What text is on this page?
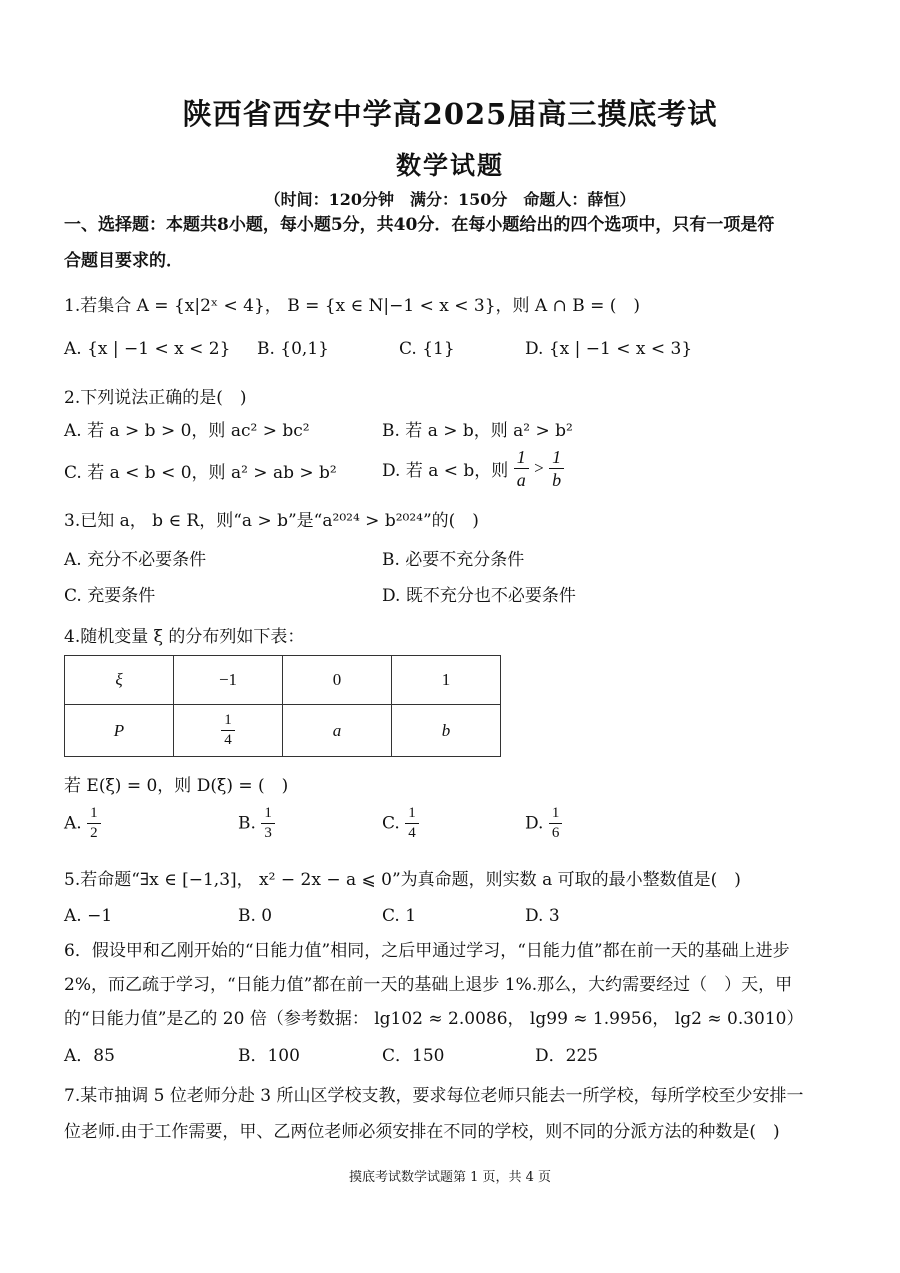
陕西省西安中学高2025届高三摸底考试
数学试题
（时间：120分钟　满分：150分　命题人：薛恒）
一、选择题：本题共8小题，每小题5分，共40分．在每小题给出的四个选项中，只有一项是符
合题目要求的．
1.若集合 A = {x|2ˣ < 4}， B = {x ∈ N|−1 < x < 3}，则 A ∩ B = (　)
A. {x | −1 < x < 2} B. {0,1}	C. {1}	D. {x | −1 < x < 3}
2.下列说法正确的是(　)
A. 若 a > b > 0，则 ac² > bc²	B. 若 a > b，则 a² > b²
C. 若 a < b < 0，则 a² > ab > b²	D. 若 a < b，则 $\frac{1}{a} > \frac{1}{b}$
3.已知 a， b ∈ R，则“a > b”是“a²⁰²⁴ > b²⁰²⁴”的(　)
A. 充分不必要条件	B. 必要不充分条件
C. 充要条件	D. 既不充分也不必要条件
4.随机变量 ξ 的分布列如下表：
ξ	−1	0	1
P	$\frac{1}{4}$	a	b
若 E(ξ) = 0，则 D(ξ) = (　)
A. $\frac{1}{2}$	B. $\frac{1}{3}$	C. $\frac{1}{4}$	D. $\frac{1}{6}$
5.若命题“∃x ∈ [−1,3]， x² − 2x − a ⩽ 0”为真命题，则实数 a 可取的最小整数值是(　)
A. −1	B. 0	C. 1	D. 3
6．假设甲和乙刚开始的“日能力值”相同，之后甲通过学习，“日能力值”都在前一天的基础上进步
2%，而乙疏于学习，“日能力值”都在前一天的基础上退步 1%.那么，大约需要经过（　）天，甲
的“日能力值”是乙的 20 倍（参考数据： lg102 ≈ 2.0086， lg99 ≈ 1.9956， lg2 ≈ 0.3010）
A．85	B．100	C．150	D．225
7.某市抽调 5 位老师分赴 3 所山区学校支教，要求每位老师只能去一所学校，每所学校至少安排一
位老师.由于工作需要，甲、乙两位老师必须安排在不同的学校，则不同的分派方法的种数是(　)
摸底考试数学试题第 1 页，共 4 页
